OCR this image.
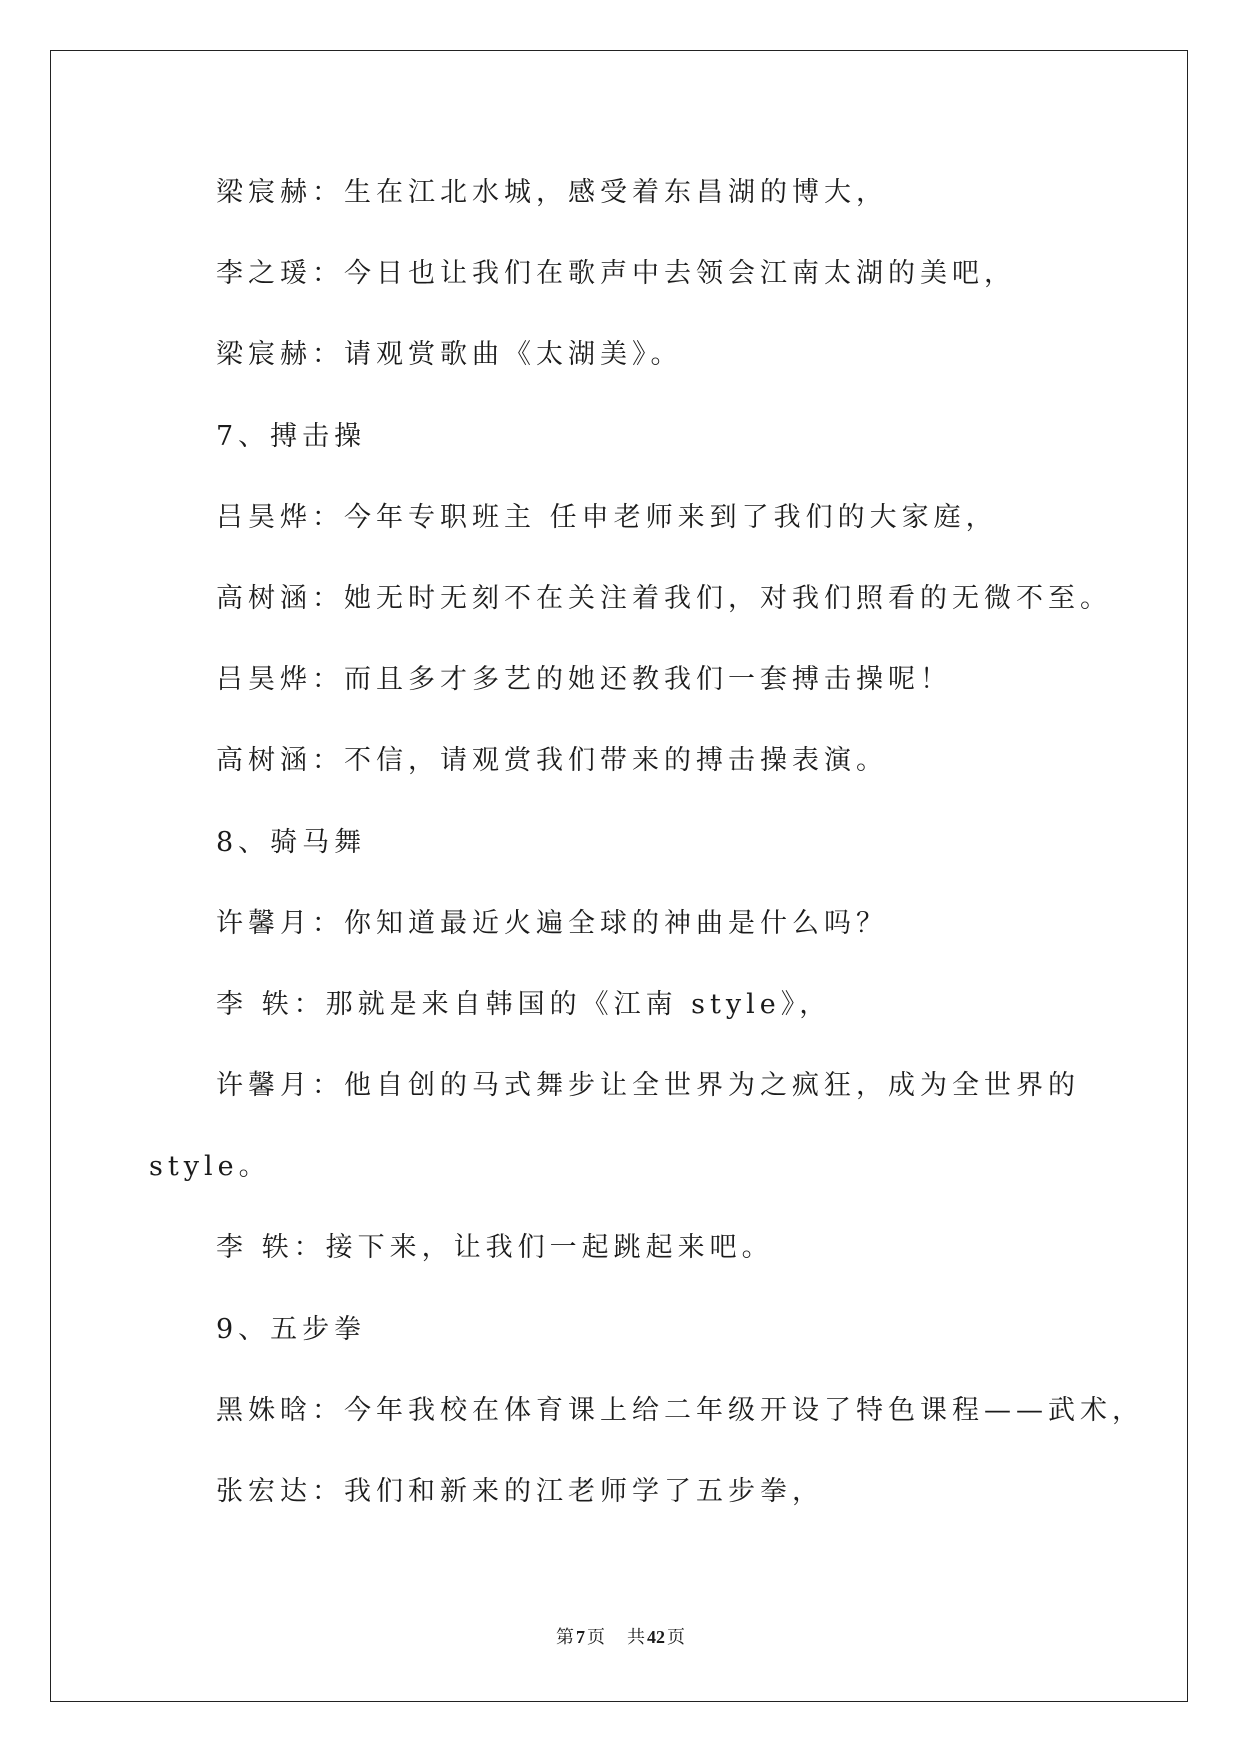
梁宸赫：生在江北水城，感受着东昌湖的博大，
李之瑗：今日也让我们在歌声中去领会江南太湖的美吧，
梁宸赫：请观赏歌曲《太湖美》。
7、搏击操
吕昊烨：今年专职班主 任申老师来到了我们的大家庭，
高树涵：她无时无刻不在关注着我们，对我们照看的无微不至。
吕昊烨：而且多才多艺的她还教我们一套搏击操呢！
高树涵：不信，请观赏我们带来的搏击操表演。
8、骑马舞
许馨月：你知道最近火遍全球的神曲是什么吗？
李 轶：那就是来自韩国的《江南 style》，
许馨月：他自创的马式舞步让全世界为之疯狂，成为全世界的
style。
李 轶：接下来，让我们一起跳起来吧。
9、五步拳
黑姝晗：今年我校在体育课上给二年级开设了特色课程——武术，
张宏达：我们和新来的江老师学了五步拳，
第 7 页 共 42 页
